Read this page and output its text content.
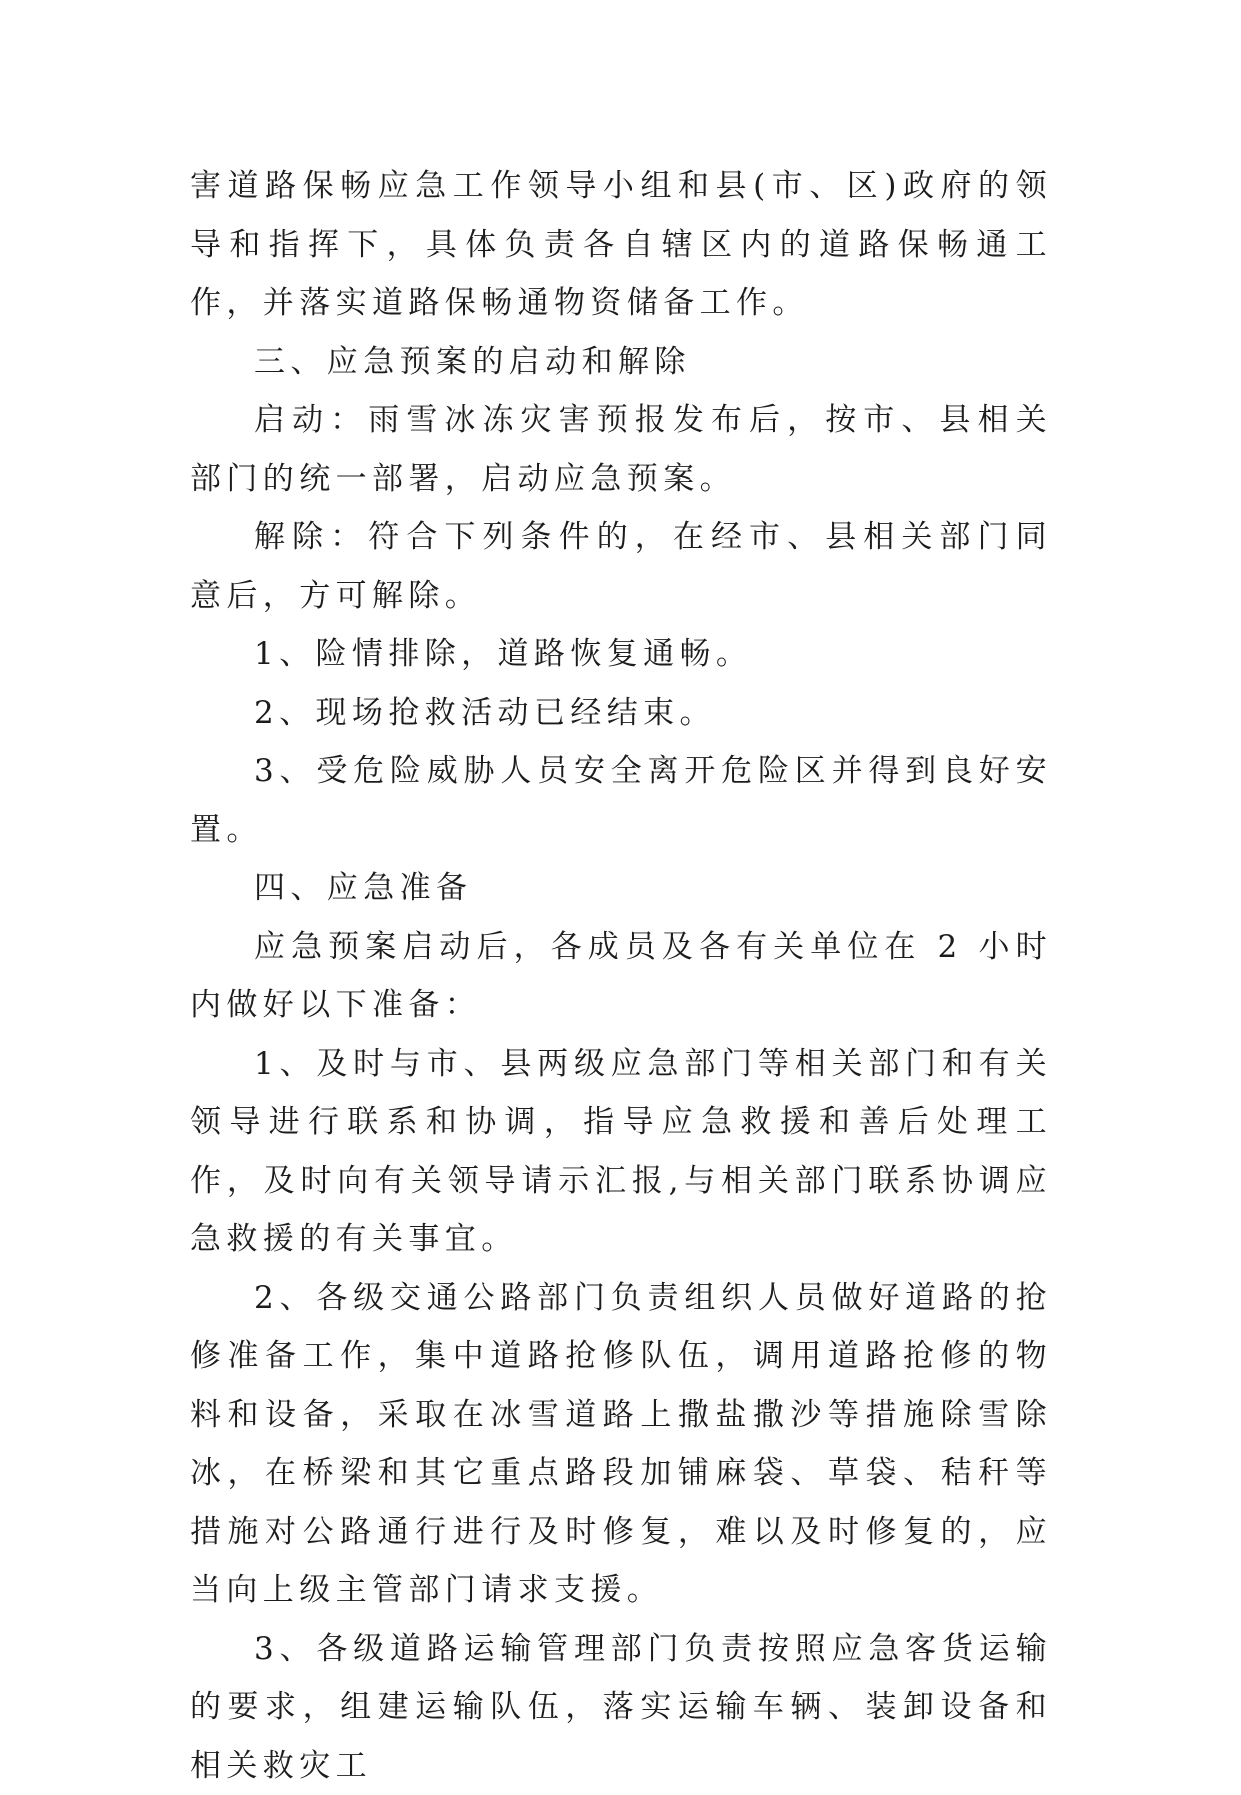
害道路保畅应急工作领导小组和县(市、区)政府的领导和指挥下，具体负责各自辖区内的道路保畅通工作，并落实道路保畅通物资储备工作。

三、应急预案的启动和解除

启动：雨雪冰冻灾害预报发布后，按市、县相关部门的统一部署，启动应急预案。

解除：符合下列条件的，在经市、县相关部门同意后，方可解除。

1、险情排除，道路恢复通畅。

2、现场抢救活动已经结束。

3、受危险威胁人员安全离开危险区并得到良好安置。

四、应急准备

应急预案启动后，各成员及各有关单位在 2 小时内做好以下准备：

1、及时与市、县两级应急部门等相关部门和有关领导进行联系和协调，指导应急救援和善后处理工作，及时向有关领导请示汇报,与相关部门联系协调应急救援的有关事宜。

2、各级交通公路部门负责组织人员做好道路的抢修准备工作，集中道路抢修队伍，调用道路抢修的物料和设备，采取在冰雪道路上撒盐撒沙等措施除雪除冰，在桥梁和其它重点路段加铺麻袋、草袋、秸秆等措施对公路通行进行及时修复，难以及时修复的，应当向上级主管部门请求支援。

3、各级道路运输管理部门负责按照应急客货运输的要求，组建运输队伍，落实运输车辆、装卸设备和相关救灾工
